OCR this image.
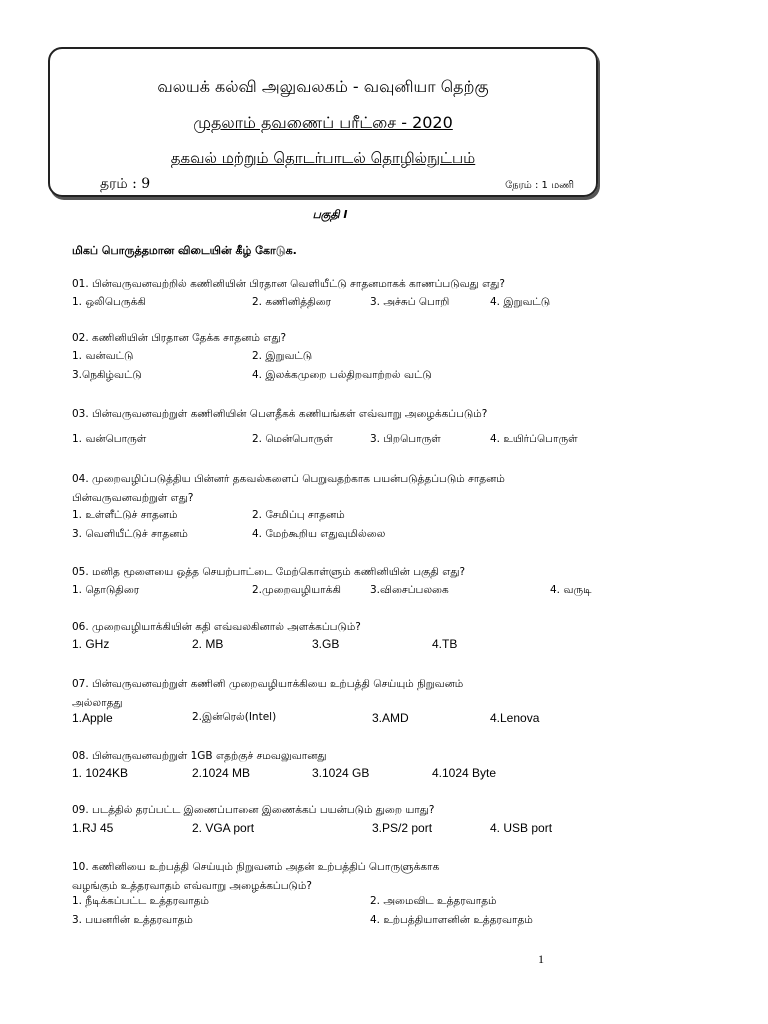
வலயக் கல்வி அலுவலகம் - வவுனியா தெற்கு
முதலாம் தவணைப் பரீட்சை - 2020
தகவல் மற்றும் தொடர்பாடல் தொழில்நுட்பம்
தரம் : 9	நேரம் : 1 மணி
பகுதி I
மிகப் பொருத்தமான விடையின் கீழ் கோடுக.
01. பின்வருவனவற்றில் கணினியின் பிரதான வெளியீட்டு சாதனமாகக் காணப்படுவது எது?
1. ஒலிபெருக்கி	2. கணினித்திரை	3. அச்சுப் பொறி	4. இறுவட்டு
02. கணினியின் பிரதான தேக்க சாதனம் எது?
1. வன்வட்டு	2. இறுவட்டு
3.நெகிழ்வட்டு	4. இலக்கமுறை பல்திறவாற்றல் வட்டு
03. பின்வருவனவற்றுள் கணினியின் பௌதீகக் கணியங்கள் எவ்வாறு அழைக்கப்படும்?
1. வன்பொருள்	2. மென்பொருள்	3. பிறபொருள்	4. உயிர்ப்பொருள்
04. முறைவழிப்படுத்திய பின்னர் தகவல்களைப் பெறுவதற்காக பயன்படுத்தப்படும் சாதனம்
பின்வருவனவற்றுள் எது?
1. உள்ளீட்டுச் சாதனம்	2. சேமிப்பு சாதனம்
3. வெளியீட்டுச் சாதனம்	4. மேற்கூறிய எதுவுமில்லை
05. மனித மூளையை ஒத்த செயற்பாட்டை மேற்கொள்ளும் கணினியின் பகுதி எது?
1. தொடுதிரை	2.முறைவழியாக்கி	3.விசைப்பலகை	4. வருடி
06. முறைவழியாக்கியின் கதி எவ்வலகினால் அளக்கப்படும்?
1. GHz	2. MB	3.GB	4.TB
07. பின்வருவனவற்றுள் கணினி முறைவழியாக்கியை உற்பத்தி செய்யும் நிறுவனம்
அல்லாதது
1.Apple	2.இன்ரெல்(Intel)	3.AMD	4.Lenova
08. பின்வருவனவற்றுள் 1GB எதற்குச் சமவலுவானது
1. 1024KB	2.1024 MB	3.1024 GB	4.1024 Byte
09. படத்தில் தரப்பட்ட இணைப்பானை இணைக்கப் பயன்படும் துறை யாது?
1.RJ 45	2. VGA port	3.PS/2 port	4. USB port
10. கணினியை உற்பத்தி செய்யும் நிறுவனம் அதன் உற்பத்திப் பொருளுக்காக
வழங்கும் உத்தரவாதம் எவ்வாறு அழைக்கப்படும்?
1. நீடிக்கப்பட்ட உத்தரவாதம்	2. அமைவிட உத்தரவாதம்
3. பயனரின் உத்தரவாதம்	4. உற்பத்தியாளனின் உத்தரவாதம்
1
